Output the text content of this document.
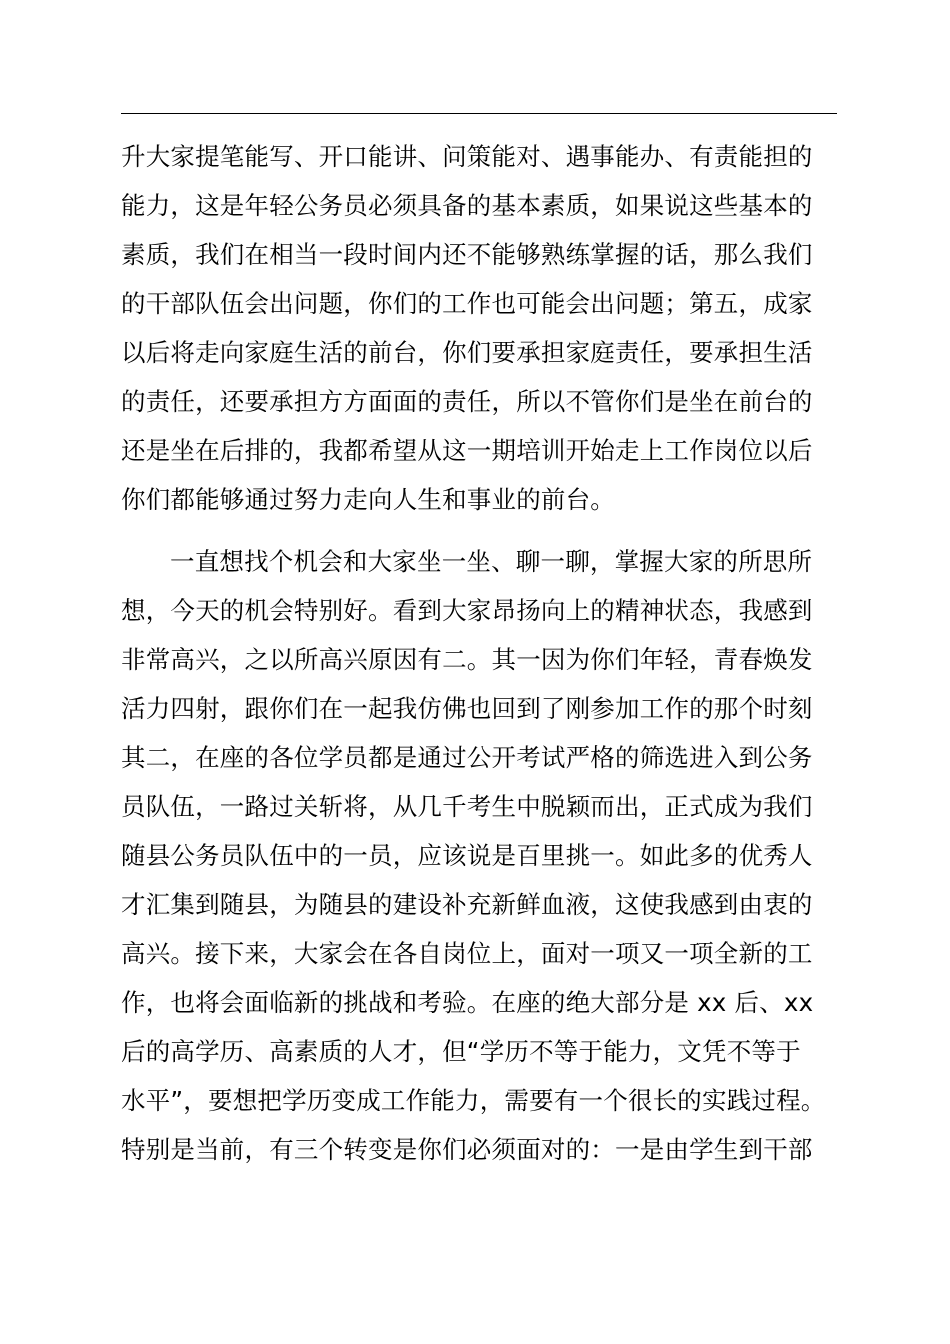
升大家提笔能写、开口能讲、问策能对、遇事能办、有责能担的
能力，这是年轻公务员必须具备的基本素质，如果说这些基本的
素质，我们在相当一段时间内还不能够熟练掌握的话，那么我们
的干部队伍会出问题，你们的工作也可能会出问题；第五，成家
以后将走向家庭生活的前台，你们要承担家庭责任，要承担生活
的责任，还要承担方方面面的责任，所以不管你们是坐在前台的
还是坐在后排的，我都希望从这一期培训开始走上工作岗位以后
你们都能够通过努力走向人生和事业的前台。
一直想找个机会和大家坐一坐、聊一聊，掌握大家的所思所
想，今天的机会特别好。看到大家昂扬向上的精神状态，我感到
非常高兴，之以所高兴原因有二。其一因为你们年轻，青春焕发
活力四射，跟你们在一起我仿佛也回到了刚参加工作的那个时刻
其二，在座的各位学员都是通过公开考试严格的筛选进入到公务
员队伍，一路过关斩将，从几千考生中脱颖而出，正式成为我们
随县公务员队伍中的一员，应该说是百里挑一。如此多的优秀人
才汇集到随县，为随县的建设补充新鲜血液，这使我感到由衷的
高兴。接下来，大家会在各自岗位上，面对一项又一项全新的工
作，也将会面临新的挑战和考验。在座的绝大部分是 xx 后、xx
后的高学历、高素质的人才，但“学历不等于能力，文凭不等于
水平”，要想把学历变成工作能力，需要有一个很长的实践过程。
特别是当前，有三个转变是你们必须面对的：一是由学生到干部
